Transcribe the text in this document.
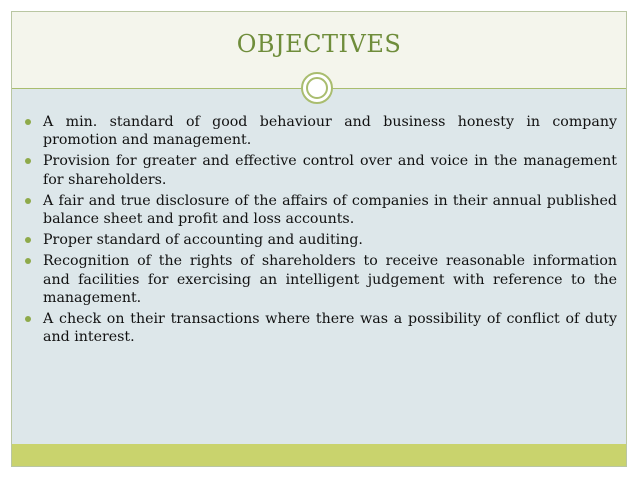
OBJECTIVES
A min. standard of good behaviour and business honesty in company promotion and management.
Provision for greater and effective control over and voice in the management for shareholders.
A fair and true disclosure of the affairs of companies in their annual published balance sheet and profit and loss accounts.
Proper standard of accounting and auditing.
Recognition of the rights of shareholders to receive reasonable information and facilities for exercising an intelligent judgement with reference to the management.
A check on their transactions where there was a possibility of conflict of duty and interest.
